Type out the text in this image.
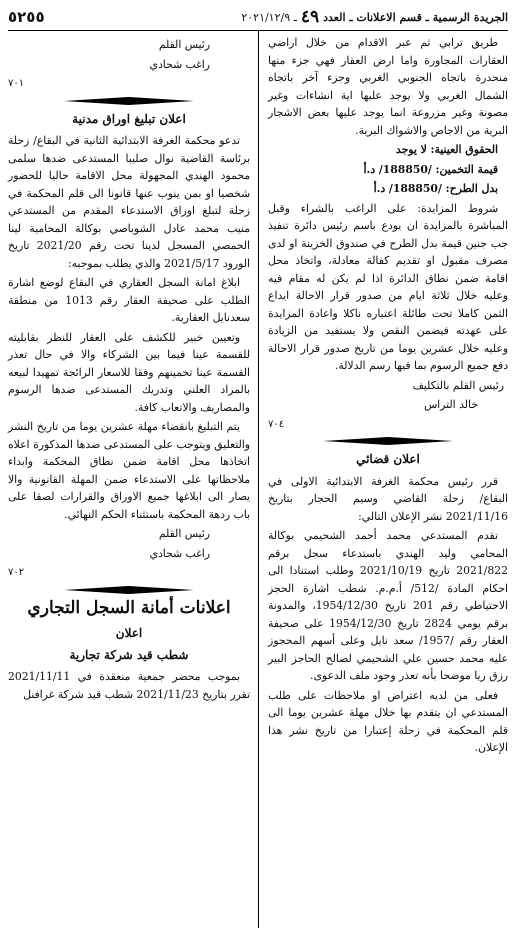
الجريدة الرسمية ـ قسم الاعلانات ـ العدد
٤٩
ـ ٢٠٢١/١٢/٩
٥٢٥٥

طريق ترابي ثم عبر الاقدام من خلال اراضي العقارات المجاورة واما ارض العقار فهي جزء منها منحدرة باتجاه الجنوبي الغربي وجزء آخر باتجاه الشمال الغربي ولا يوجد عليها اية انشاءات وغير مصونة وغير مزروعة انما يوجد عليها بعض الاشجار البرية من الاجاص والاشواك البرية.

الحقوق العينية: لا يوجد

قيمة التخمين: /188850/ د.أ

بدل الطرح: /188850/ د.أ

شروط المزايدة: على الراغب بالشراء وقبل المباشرة بالمزايدة ان يودع باسم رئيس دائرة تنفيذ جب جنين قيمة بدل الطرح في صندوق الخزينة او لدى مصرف مقبول او تقديم كفالة معادلة، واتخاذ محل اقامة ضمن نطاق الدائرة اذا لم يكن له مقام فيه وعليه خلال ثلاثة ايام من صدور قرار الاحالة ايداع الثمن كاملا تحت طائلة اعتباره ناكلا واعادة المزايدة على عهدته فيضمن النقص ولا يستفيد من الزيادة وعليه خلال عشرين يوما من تاريخ صدور قرار الاحالة دفع جميع الرسوم بما فيها رسم الدلالة.

رئيس القلم بالتكليف

خالد التراس

٧٠٤

اعلان قضائي

قرر رئيس محكمة الغرفة الابتدائية الاولى في البقاع/ زحلة القاضي وسيم الحجار بتاريخ 2021/11/16 نشر الإعلان التالي:

تقدم المستدعي محمد أحمد الشحيمي بوكالة المحامي وليد الهندي باستدعاء سجل برقم 2021/822 تاريخ 2021/10/19 وطلب استنادا الى احكام المادة /512/ أ.م.م. شطب اشارة الحجز الاحتياطي رقم 201 تاريخ 1954/12/30، والمدونة برقم يومي 2824 تاريخ 1954/12/30 على صحيفة العقار رقم /1957/ سعد نايل وعلى أسهم المحجوز عليه محمد حسين علي الشحيمي لصالح الحاجز البير رزق ريا موضحا بأنه تعذر وجود ملف الدعوى.

فعلى من لديه اعتراض او ملاحظات على طلب المستدعي ان يتقدم بها خلال مهلة عشرين يوما الى قلم المحكمة في زحلة إعتبارا من تاريخ نشر هذا الإعلان.

رئيس القلم

راغب شحادي

٧٠١

اعلان تبليغ اوراق مدنية

تدعو محكمة الغرفة الابتدائية الثانية في البقاع/ زحلة برئاسة القاضية نوال صليبا المستدعى ضدها سلمى محمود الهندي المجهولة محل الاقامة حاليا للحضور شخصيا او بمن ينوب عنها قانونا الى قلم المحكمة في زحلة لتبلغ اوراق الاستدعاء المقدم من المستدعي منيب محمد عادل الشوباصي بوكالة المحامية لينا الحمصي المسجل لدينا تحت رقم 2021/20 تاريخ الورود 2021/5/17 والذي يطلب بموجبه:

ابلاغ امانة السجل العقاري في البقاع لوضع اشارة الطلب على صحيفة العقار رقم 1013 من منطقة سعدنايل العقارية.

وتعيين خبير للكشف على العقار للنظر بقابليته للقسمة عينا فيما بين الشركاء والا في حال تعذر القسمة عينا تخمينهم وفقا للاسعار الرائجة تمهيدا لبيعه بالمزاد العلني وتدريك المستدعى ضدها الرسوم والمصاريف والاتعاب كافة.

يتم التبليغ بانقضاء مهلة عشرين يوما من تاريخ النشر والتعليق ويتوجب على المستدعى ضدها المذكورة اعلاه اتخاذها محل اقامة ضمن نطاق المحكمة وابداء ملاحظاتها على الاستدعاء ضمن المهلة القانونية والا يصار الى ابلاغها جميع الاوراق والقرارات لصقا على باب ردهة المحكمة باستثناء الحكم النهائي.

رئيس القلم

راغب شحادي

٧٠٢

اعلانات أمانة السجل التجاري

اعلان

شطب قيد شركة تجارية

بموجب محضر جمعية منعقدة في 2021/11/11 تقرر بتاريخ 2021/11/23 شطب قيد شركة غرافنل
